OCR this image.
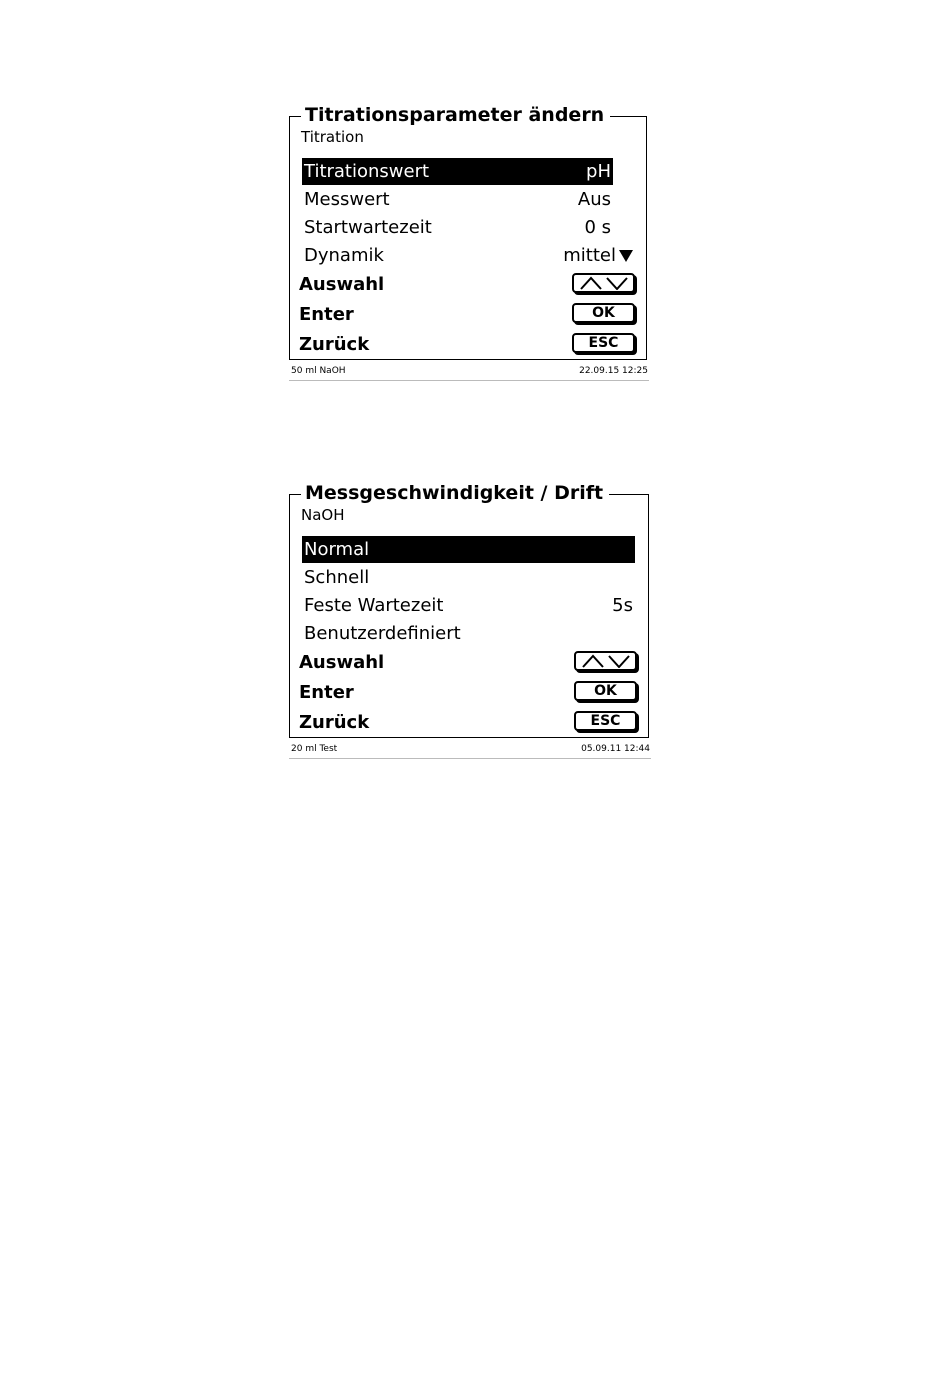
Titrationsparameter ändern
Titration
Titrationswert	pH
Messwert	Aus
Startwartezeit	0 s
Dynamik	mittel
Auswahl
Enter	OK
Zurück	ESC
50 ml NaOH	22.09.15 12:25
Messgeschwindigkeit / Drift
NaOH
Normal
Schnell
Feste Wartezeit	5s
Benutzerdefiniert
Auswahl
Enter	OK
Zurück	ESC
20 ml Test	05.09.11 12:44
